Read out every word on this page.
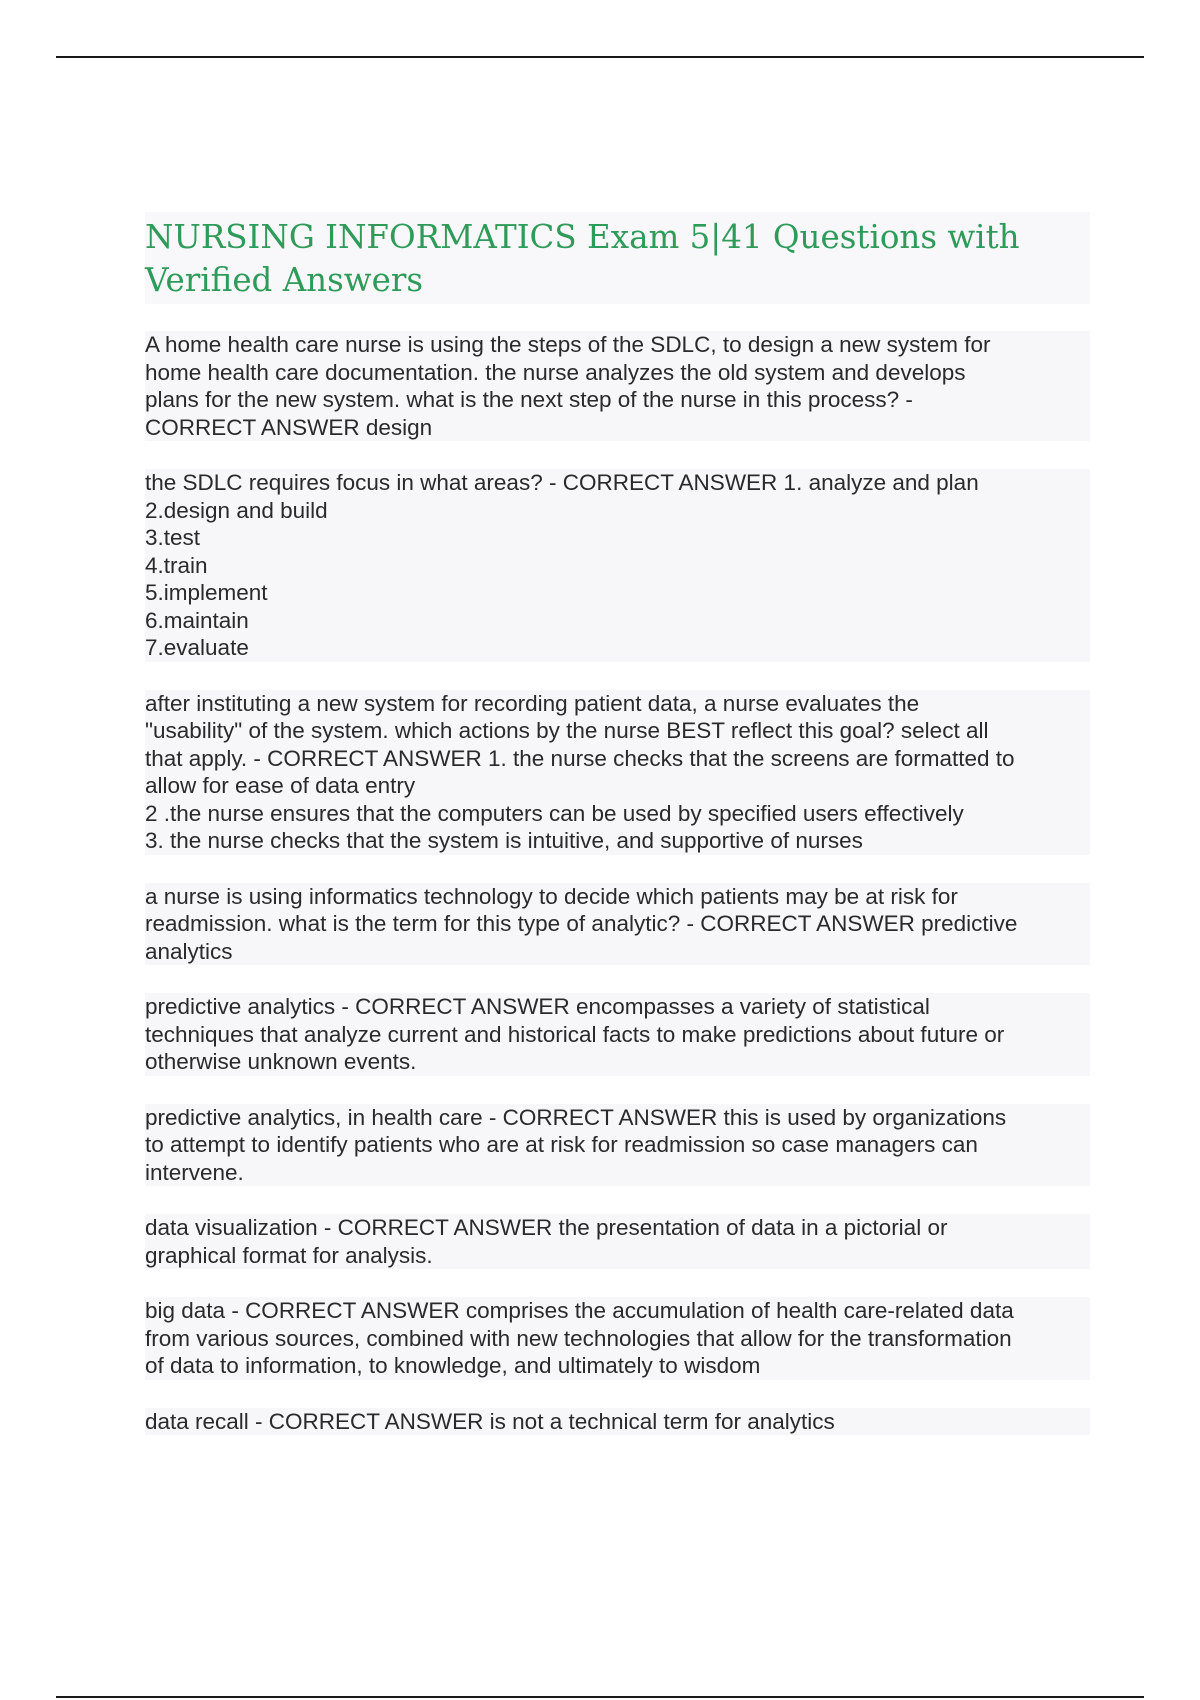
NURSING INFORMATICS Exam 5|41 Questions with Verified Answers

A home health care nurse is using the steps of the SDLC, to design a new system for
home health care documentation. the nurse analyzes the old system and develops
plans for the new system. what is the next step of the nurse in this process? -
CORRECT ANSWER design

the SDLC requires focus in what areas? - CORRECT ANSWER 1. analyze and plan
2.design and build
3.test
4.train
5.implement
6.maintain
7.evaluate

after instituting a new system for recording patient data, a nurse evaluates the
"usability" of the system. which actions by the nurse BEST reflect this goal? select all
that apply. - CORRECT ANSWER 1. the nurse checks that the screens are formatted to
allow for ease of data entry
2 .the nurse ensures that the computers can be used by specified users effectively
3. the nurse checks that the system is intuitive, and supportive of nurses

a nurse is using informatics technology to decide which patients may be at risk for
readmission. what is the term for this type of analytic? - CORRECT ANSWER predictive
analytics

predictive analytics - CORRECT ANSWER encompasses a variety of statistical
techniques that analyze current and historical facts to make predictions about future or
otherwise unknown events.

predictive analytics, in health care - CORRECT ANSWER this is used by organizations
to attempt to identify patients who are at risk for readmission so case managers can
intervene.

data visualization - CORRECT ANSWER the presentation of data in a pictorial or
graphical format for analysis.

big data - CORRECT ANSWER comprises the accumulation of health care-related data
from various sources, combined with new technologies that allow for the transformation
of data to information, to knowledge, and ultimately to wisdom

data recall - CORRECT ANSWER is not a technical term for analytics
